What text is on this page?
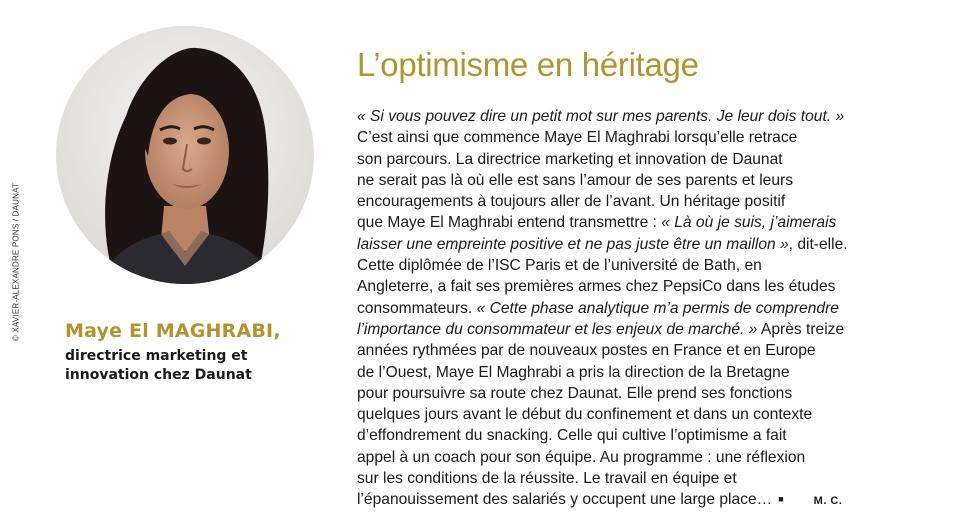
© XAVIER-ALEXANDRE PONS / DAUNAT Maye El MAGHRABI,
directrice marketing et
innovation chez Daunat
L’optimisme en héritage
« Si vous pouvez dire un petit mot sur mes parents. Je leur dois tout. »
C’est ainsi que commence Maye El Maghrabi lorsqu’elle retrace
son parcours. La directrice marketing et innovation de Daunat
ne serait pas là où elle est sans l’amour de ses parents et leurs
encouragements à toujours aller de l’avant. Un héritage positif
que Maye El Maghrabi entend transmettre : « Là où je suis, j’aimerais
laisser une empreinte positive et ne pas juste être un maillon », dit-elle.
Cette diplômée de l’ISC Paris et de l’université de Bath, en
Angleterre, a fait ses premières armes chez PepsiCo dans les études
consommateurs. « Cette phase analytique m’a permis de comprendre
l’importance du consommateur et les enjeux de marché. » Après treize
années rythmées par de nouveaux postes en France et en Europe
de l’Ouest, Maye El Maghrabi a pris la direction de la Bretagne
pour poursuivre sa route chez Daunat. Elle prend ses fonctions
quelques jours avant le début du confinement et dans un contexte
d’effondrement du snacking. Celle qui cultive l’optimisme a fait
appel à un coach pour son équipe. Au programme : une réflexion
sur les conditions de la réussite. Le travail en équipe et
l’épanouissement des salariés y occupent une large place… ■	M. C.
